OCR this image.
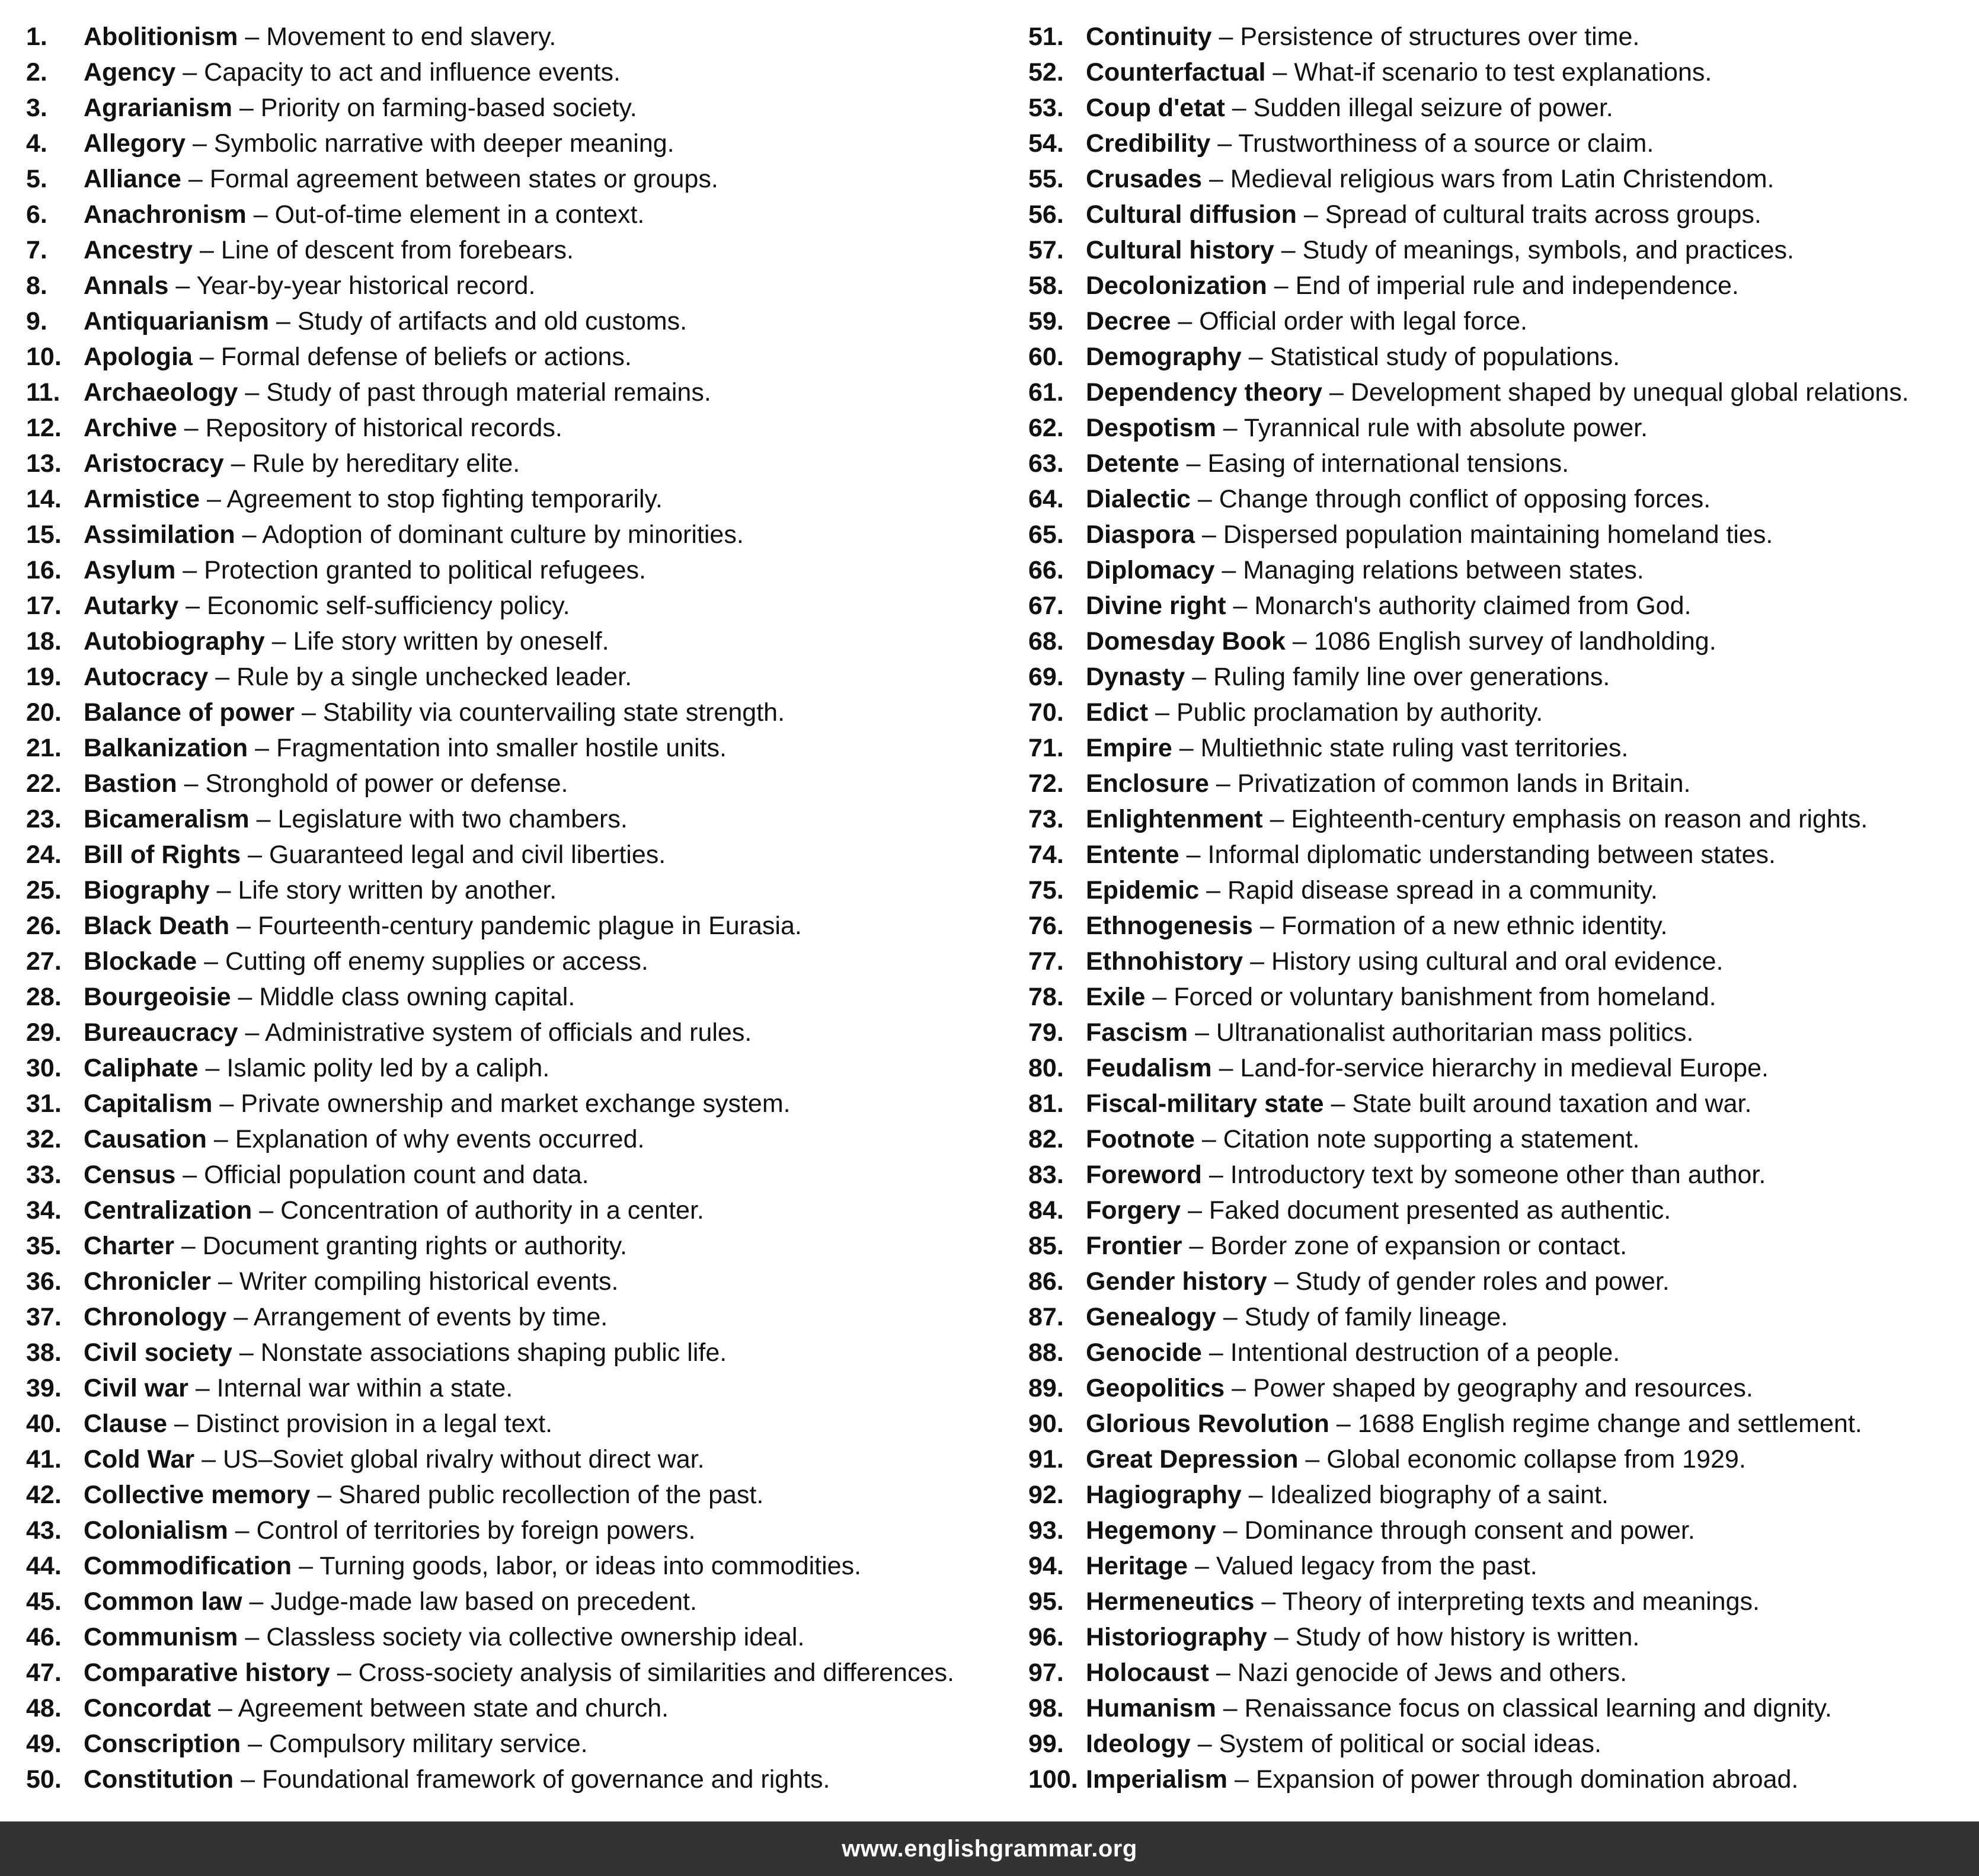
1. Abolitionism – Movement to end slavery.
2. Agency – Capacity to act and influence events.
3. Agrarianism – Priority on farming-based society.
4. Allegory – Symbolic narrative with deeper meaning.
5. Alliance – Formal agreement between states or groups.
6. Anachronism – Out-of-time element in a context.
7. Ancestry – Line of descent from forebears.
8. Annals – Year-by-year historical record.
9. Antiquarianism – Study of artifacts and old customs.
10. Apologia – Formal defense of beliefs or actions.
11. Archaeology – Study of past through material remains.
12. Archive – Repository of historical records.
13. Aristocracy – Rule by hereditary elite.
14. Armistice – Agreement to stop fighting temporarily.
15. Assimilation – Adoption of dominant culture by minorities.
16. Asylum – Protection granted to political refugees.
17. Autarky – Economic self-sufficiency policy.
18. Autobiography – Life story written by oneself.
19. Autocracy – Rule by a single unchecked leader.
20. Balance of power – Stability via countervailing state strength.
21. Balkanization – Fragmentation into smaller hostile units.
22. Bastion – Stronghold of power or defense.
23. Bicameralism – Legislature with two chambers.
24. Bill of Rights – Guaranteed legal and civil liberties.
25. Biography – Life story written by another.
26. Black Death – Fourteenth-century pandemic plague in Eurasia.
27. Blockade – Cutting off enemy supplies or access.
28. Bourgeoisie – Middle class owning capital.
29. Bureaucracy – Administrative system of officials and rules.
30. Caliphate – Islamic polity led by a caliph.
31. Capitalism – Private ownership and market exchange system.
32. Causation – Explanation of why events occurred.
33. Census – Official population count and data.
34. Centralization – Concentration of authority in a center.
35. Charter – Document granting rights or authority.
36. Chronicler – Writer compiling historical events.
37. Chronology – Arrangement of events by time.
38. Civil society – Nonstate associations shaping public life.
39. Civil war – Internal war within a state.
40. Clause – Distinct provision in a legal text.
41. Cold War – US–Soviet global rivalry without direct war.
42. Collective memory – Shared public recollection of the past.
43. Colonialism – Control of territories by foreign powers.
44. Commodification – Turning goods, labor, or ideas into commodities.
45. Common law – Judge-made law based on precedent.
46. Communism – Classless society via collective ownership ideal.
47. Comparative history – Cross-society analysis of similarities and differences.
48. Concordat – Agreement between state and church.
49. Conscription – Compulsory military service.
50. Constitution – Foundational framework of governance and rights.
51. Continuity – Persistence of structures over time.
52. Counterfactual – What-if scenario to test explanations.
53. Coup d'etat – Sudden illegal seizure of power.
54. Credibility – Trustworthiness of a source or claim.
55. Crusades – Medieval religious wars from Latin Christendom.
56. Cultural diffusion – Spread of cultural traits across groups.
57. Cultural history – Study of meanings, symbols, and practices.
58. Decolonization – End of imperial rule and independence.
59. Decree – Official order with legal force.
60. Demography – Statistical study of populations.
61. Dependency theory – Development shaped by unequal global relations.
62. Despotism – Tyrannical rule with absolute power.
63. Detente – Easing of international tensions.
64. Dialectic – Change through conflict of opposing forces.
65. Diaspora – Dispersed population maintaining homeland ties.
66. Diplomacy – Managing relations between states.
67. Divine right – Monarch's authority claimed from God.
68. Domesday Book – 1086 English survey of landholding.
69. Dynasty – Ruling family line over generations.
70. Edict – Public proclamation by authority.
71. Empire – Multiethnic state ruling vast territories.
72. Enclosure – Privatization of common lands in Britain.
73. Enlightenment – Eighteenth-century emphasis on reason and rights.
74. Entente – Informal diplomatic understanding between states.
75. Epidemic – Rapid disease spread in a community.
76. Ethnogenesis – Formation of a new ethnic identity.
77. Ethnohistory – History using cultural and oral evidence.
78. Exile – Forced or voluntary banishment from homeland.
79. Fascism – Ultranationalist authoritarian mass politics.
80. Feudalism – Land-for-service hierarchy in medieval Europe.
81. Fiscal-military state – State built around taxation and war.
82. Footnote – Citation note supporting a statement.
83. Foreword – Introductory text by someone other than author.
84. Forgery – Faked document presented as authentic.
85. Frontier – Border zone of expansion or contact.
86. Gender history – Study of gender roles and power.
87. Genealogy – Study of family lineage.
88. Genocide – Intentional destruction of a people.
89. Geopolitics – Power shaped by geography and resources.
90. Glorious Revolution – 1688 English regime change and settlement.
91. Great Depression – Global economic collapse from 1929.
92. Hagiography – Idealized biography of a saint.
93. Hegemony – Dominance through consent and power.
94. Heritage – Valued legacy from the past.
95. Hermeneutics – Theory of interpreting texts and meanings.
96. Historiography – Study of how history is written.
97. Holocaust – Nazi genocide of Jews and others.
98. Humanism – Renaissance focus on classical learning and dignity.
99. Ideology – System of political or social ideas.
100. Imperialism – Expansion of power through domination abroad.
www.englishgrammar.org
